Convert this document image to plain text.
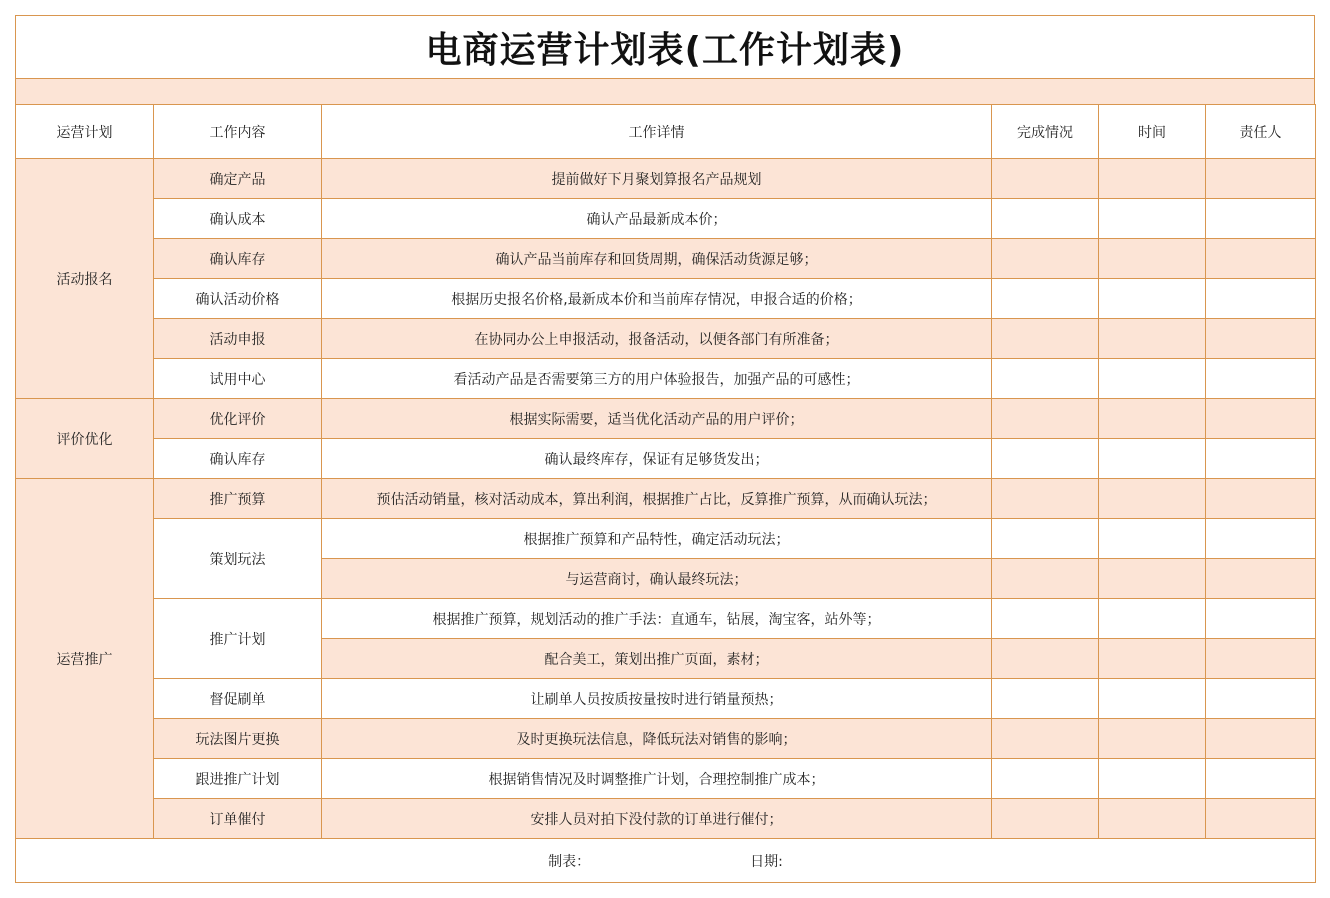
电商运营计划表(工作计划表)
运营计划	工作内容	工作详情	完成情况	时间	责任人
活动报名	确定产品	提前做好下月聚划算报名产品规划			
	确认成本	确认产品最新成本价；			
	确认库存	确认产品当前库存和回货周期，确保活动货源足够；			
	确认活动价格	根据历史报名价格,最新成本价和当前库存情况，申报合适的价格；			
	活动申报	在协同办公上申报活动，报备活动，以便各部门有所准备；			
	试用中心	看活动产品是否需要第三方的用户体验报告，加强产品的可感性；			
评价优化	优化评价	根据实际需要，适当优化活动产品的用户评价；			
	确认库存	确认最终库存，保证有足够货发出；			
运营推广	推广预算	预估活动销量，核对活动成本，算出利润，根据推广占比，反算推广预算，从而确认玩法；			
	策划玩法	根据推广预算和产品特性，确定活动玩法；			
		与运营商讨，确认最终玩法；			
	推广计划	根据推广预算，规划活动的推广手法：直通车，钻展，淘宝客，站外等；			
		配合美工，策划出推广页面，素材；			
	督促刷单	让刷单人员按质按量按时进行销量预热；			
	玩法图片更换	及时更换玩法信息，降低玩法对销售的影响；			
	跟进推广计划	根据销售情况及时调整推广计划，合理控制推广成本；			
	订单催付	安排人员对拍下没付款的订单进行催付；			

制表： 日期:					
